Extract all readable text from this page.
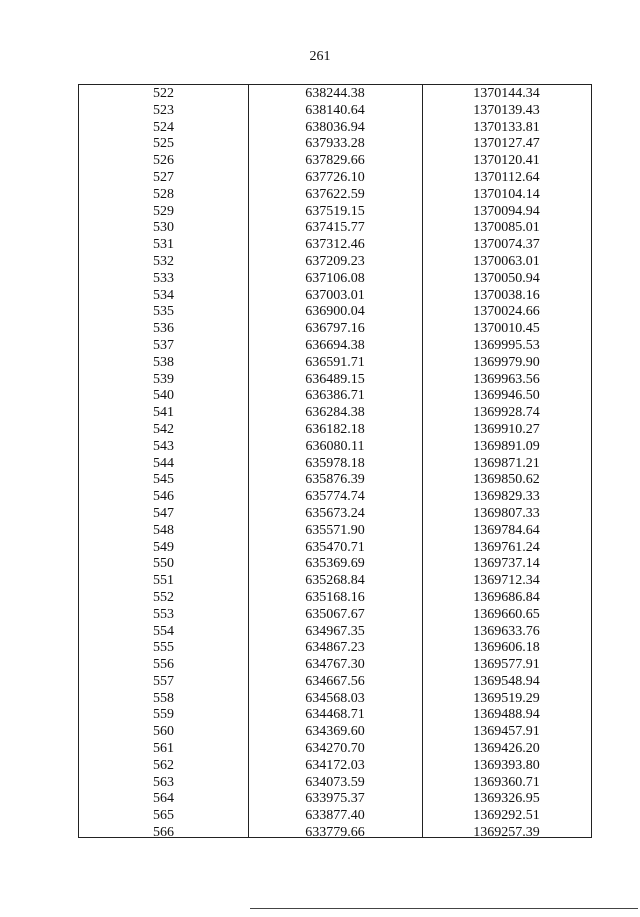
261
522	638244.38	1370144.34
523	638140.64	1370139.43
524	638036.94	1370133.81
525	637933.28	1370127.47
526	637829.66	1370120.41
527	637726.10	1370112.64
528	637622.59	1370104.14
529	637519.15	1370094.94
530	637415.77	1370085.01
531	637312.46	1370074.37
532	637209.23	1370063.01
533	637106.08	1370050.94
534	637003.01	1370038.16
535	636900.04	1370024.66
536	636797.16	1370010.45
537	636694.38	1369995.53
538	636591.71	1369979.90
539	636489.15	1369963.56
540	636386.71	1369946.50
541	636284.38	1369928.74
542	636182.18	1369910.27
543	636080.11	1369891.09
544	635978.18	1369871.21
545	635876.39	1369850.62
546	635774.74	1369829.33
547	635673.24	1369807.33
548	635571.90	1369784.64
549	635470.71	1369761.24
550	635369.69	1369737.14
551	635268.84	1369712.34
552	635168.16	1369686.84
553	635067.67	1369660.65
554	634967.35	1369633.76
555	634867.23	1369606.18
556	634767.30	1369577.91
557	634667.56	1369548.94
558	634568.03	1369519.29
559	634468.71	1369488.94
560	634369.60	1369457.91
561	634270.70	1369426.20
562	634172.03	1369393.80
563	634073.59	1369360.71
564	633975.37	1369326.95
565	633877.40	1369292.51
566	633779.66	1369257.39
